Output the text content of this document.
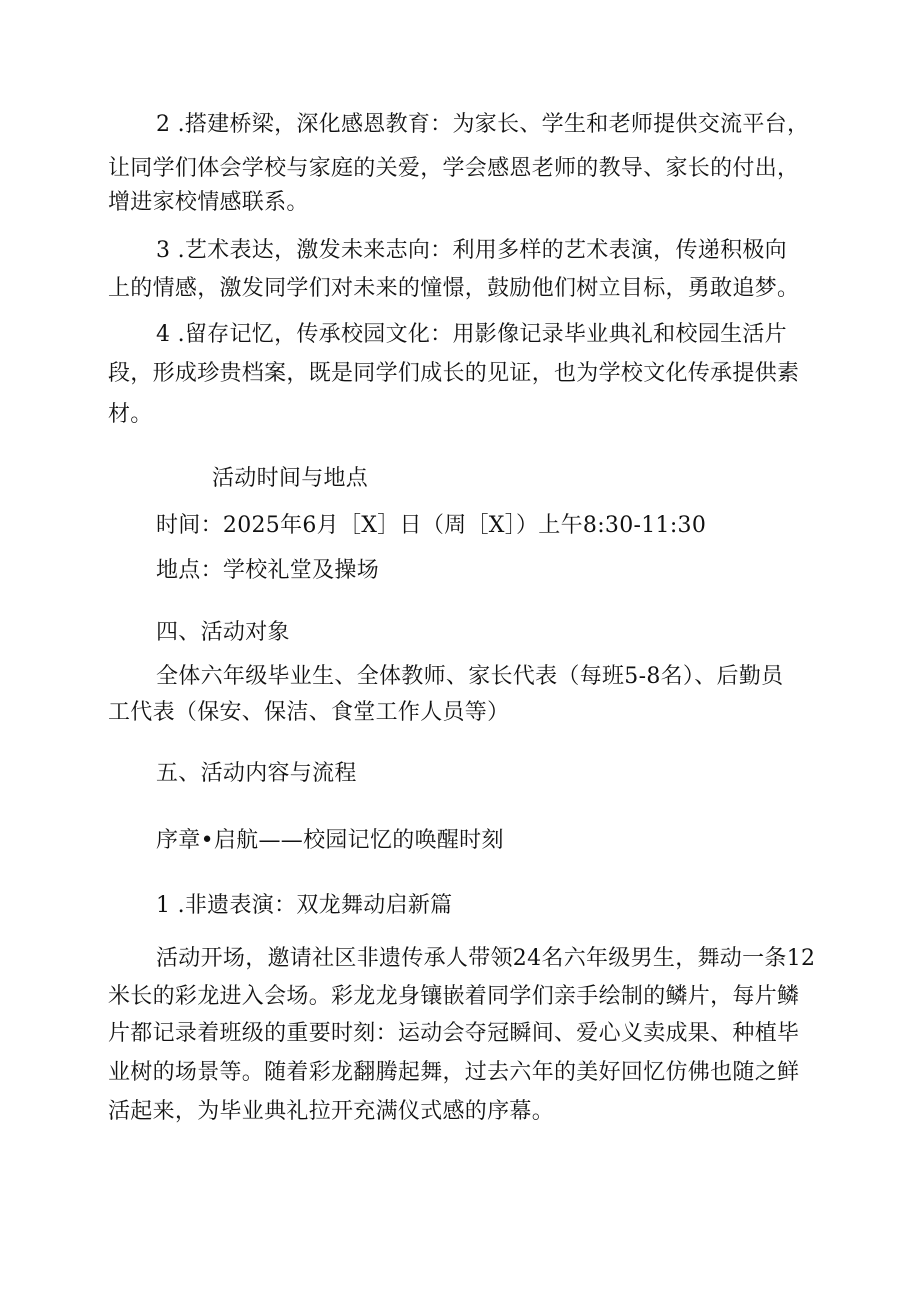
2 .搭建桥梁，深化感恩教育：为家长、学生和老师提供交流平台，
让同学们体会学校与家庭的关爱，学会感恩老师的教导、家长的付出，
增进家校情感联系。
3 .艺术表达，激发未来志向：利用多样的艺术表演，传递积极向
上的情感，激发同学们对未来的憧憬，鼓励他们树立目标，勇敢追梦。
4 .留存记忆，传承校园文化：用影像记录毕业典礼和校园生活片
段，形成珍贵档案，既是同学们成长的见证，也为学校文化传承提供素
材。
活动时间与地点
时间：2025年6月［X］日（周［X］）上午8:30-11:30
地点：学校礼堂及操场
四、活动对象
全体六年级毕业生、全体教师、家长代表（每班5-8名）、后勤员
工代表（保安、保洁、食堂工作人员等）
五、活动内容与流程
序章•启航——校园记忆的唤醒时刻
1 .非遗表演：双龙舞动启新篇
活动开场，邀请社区非遗传承人带领24名六年级男生，舞动一条12
米长的彩龙进入会场。彩龙龙身镶嵌着同学们亲手绘制的鳞片，每片鳞
片都记录着班级的重要时刻：运动会夺冠瞬间、爱心义卖成果、种植毕
业树的场景等。随着彩龙翻腾起舞，过去六年的美好回忆仿佛也随之鲜
活起来，为毕业典礼拉开充满仪式感的序幕。
